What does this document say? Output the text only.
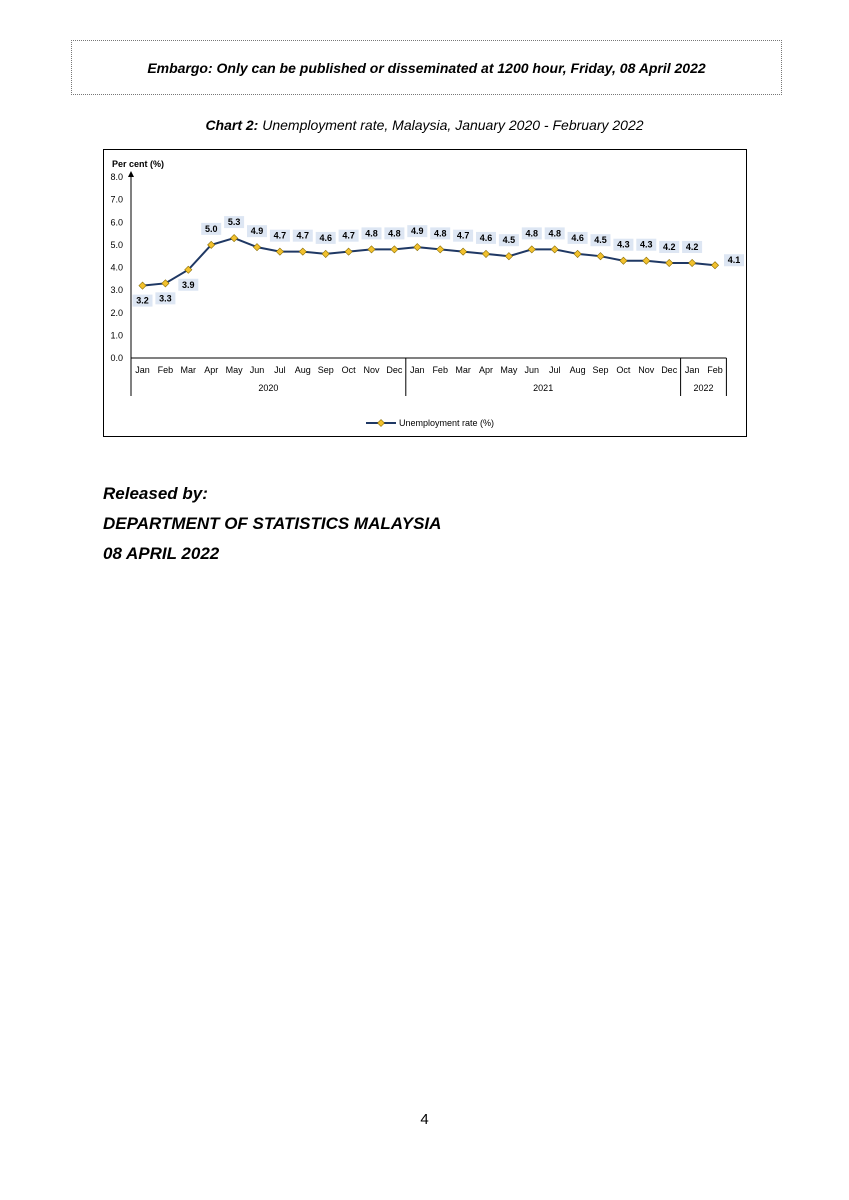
Embargo: Only can be published or disseminated at 1200 hour, Friday, 08 April 2022
Chart 2: Unemployment rate, Malaysia, January 2020 - February 2022
Per cent (%)
0.0
1.0
2.0
3.0
4.0
5.0
6.0
7.0
8.0
Jan Feb Mar Apr May Jun Jul Aug Sep Oct Nov Dec Jan Feb Mar Apr May Jun Jul Aug Sep Oct Nov Dec Jan Feb
2020	2021	2022
3.2 3.3
3.9
5.0
5.3
4.9 4.7 4.7 4.6 4.7 4.8 4.8 4.9 4.8 4.7 4.6 4.5
4.8 4.8 4.6 4.5 4.3 4.3 4.2 4.2
4.1
Unemployment rate (%)
Released by:
DEPARTMENT OF STATISTICS MALAYSIA
08 APRIL 2022
4
